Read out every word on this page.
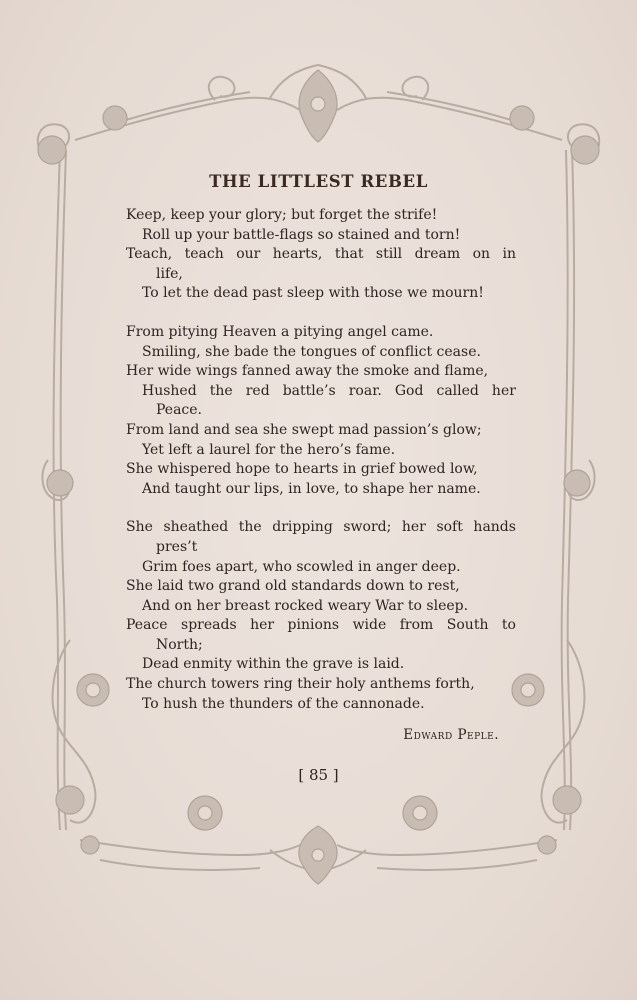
THE LITTLEST REBEL
Keep, keep your glory; but forget the strife!
Roll up your battle-flags so stained and torn!
Teach, teach our hearts, that still dream on in
life,
To let the dead past sleep with those we mourn!
From pitying Heaven a pitying angel came.
Smiling, she bade the tongues of conflict cease.
Her wide wings fanned away the smoke and flame,
Hushed the red battle’s roar. God called her
Peace.
From land and sea she swept mad passion’s glow;
Yet left a laurel for the hero’s fame.
She whispered hope to hearts in grief bowed low,
And taught our lips, in love, to shape her name.
She sheathed the dripping sword; her soft hands
pres’t
Grim foes apart, who scowled in anger deep.
She laid two grand old standards down to rest,
And on her breast rocked weary War to sleep.
Peace spreads her pinions wide from South to
North;
Dead enmity within the grave is laid.
The church towers ring their holy anthems forth,
To hush the thunders of the cannonade.
Edward Peple.
[ 85 ]
